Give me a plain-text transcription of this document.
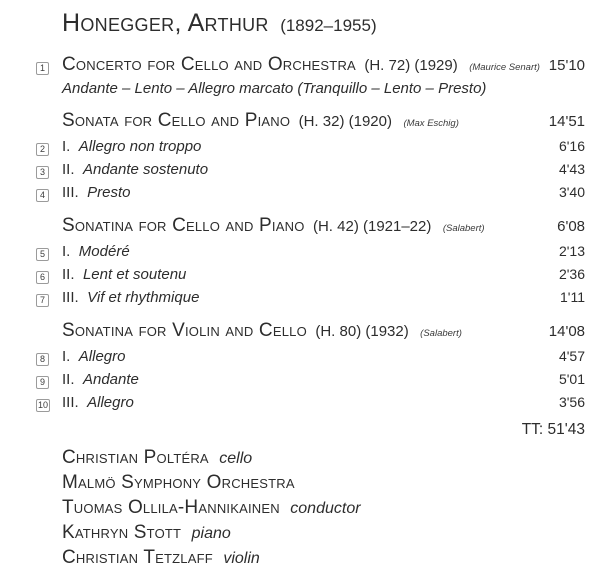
Honegger, Arthur (1892–1955)
1 Concerto for Cello and Orchestra (H. 72) (1929) (Maurice Senart) 15'10
Andante – Lento – Allegro marcato (Tranquillo – Lento – Presto)
Sonata for Cello and Piano (H. 32) (1920) (Max Eschig)	14'51
2	I. Allegro non troppo	6'16
3	II. Andante sostenuto	4'43
4	III. Presto	3'40
Sonatina for Cello and Piano (H. 42) (1921–22) (Salabert)	6'08
5	I. Modéré	2'13
6	II. Lent et soutenu	2'36
7	III. Vif et rhythmique	1'11
Sonatina for Violin and Cello (H. 80) (1932) (Salabert)	14'08
8	I. Allegro	4'57
9	II. Andante	5'01
10 III. Allegro	3'56
TT: 51'43
Christian Poltéra cello
Malmö Symphony Orchestra
Tuomas Ollila-Hannikainen conductor
Kathryn Stott piano
Christian Tetzlaff violin
